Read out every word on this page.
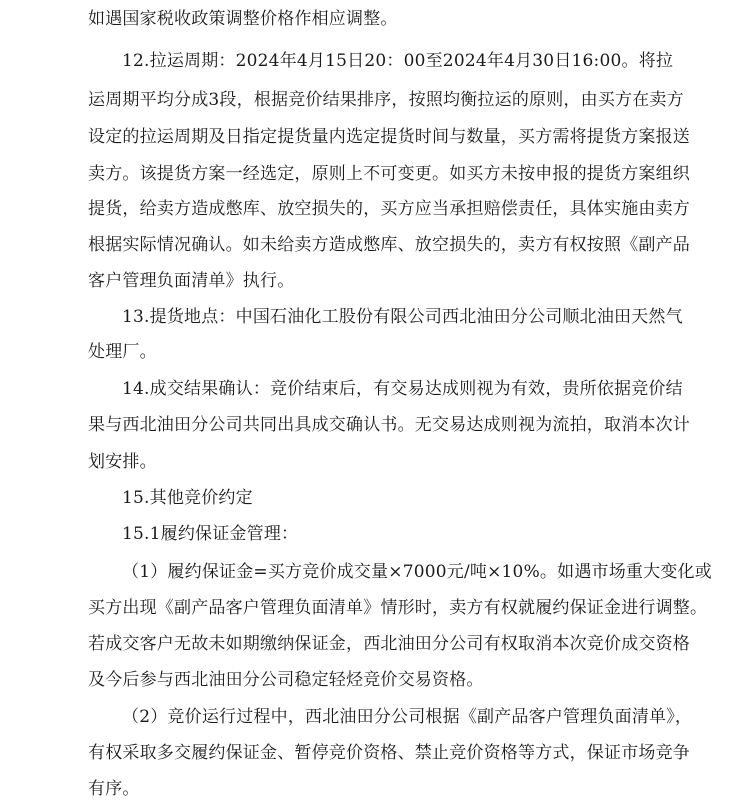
如遇国家税收政策调整价格作相应调整。
12.拉运周期：2024年4月15日20：00至2024年4月30日16:00。将拉
运周期平均分成3段，根据竞价结果排序，按照均衡拉运的原则，由买方在卖方
设定的拉运周期及日指定提货量内选定提货时间与数量，买方需将提货方案报送
卖方。该提货方案一经选定，原则上不可变更。如买方未按申报的提货方案组织
提货，给卖方造成憋库、放空损失的，买方应当承担赔偿责任，具体实施由卖方
根据实际情况确认。如未给卖方造成憋库、放空损失的，卖方有权按照《副产品
客户管理负面清单》执行。
13.提货地点：中国石油化工股份有限公司西北油田分公司顺北油田天然气
处理厂。
14.成交结果确认：竞价结束后，有交易达成则视为有效，贵所依据竞价结
果与西北油田分公司共同出具成交确认书。无交易达成则视为流拍，取消本次计
划安排。
15.其他竞价约定
15.1履约保证金管理：
（1）履约保证金=买方竞价成交量×7000元/吨×10%。如遇市场重大变化或
买方出现《副产品客户管理负面清单》情形时，卖方有权就履约保证金进行调整。
若成交客户无故未如期缴纳保证金，西北油田分公司有权取消本次竞价成交资格
及今后参与西北油田分公司稳定轻烃竞价交易资格。
（2）竞价运行过程中，西北油田分公司根据《副产品客户管理负面清单》，
有权采取多交履约保证金、暂停竞价资格、禁止竞价资格等方式，保证市场竞争
有序。
